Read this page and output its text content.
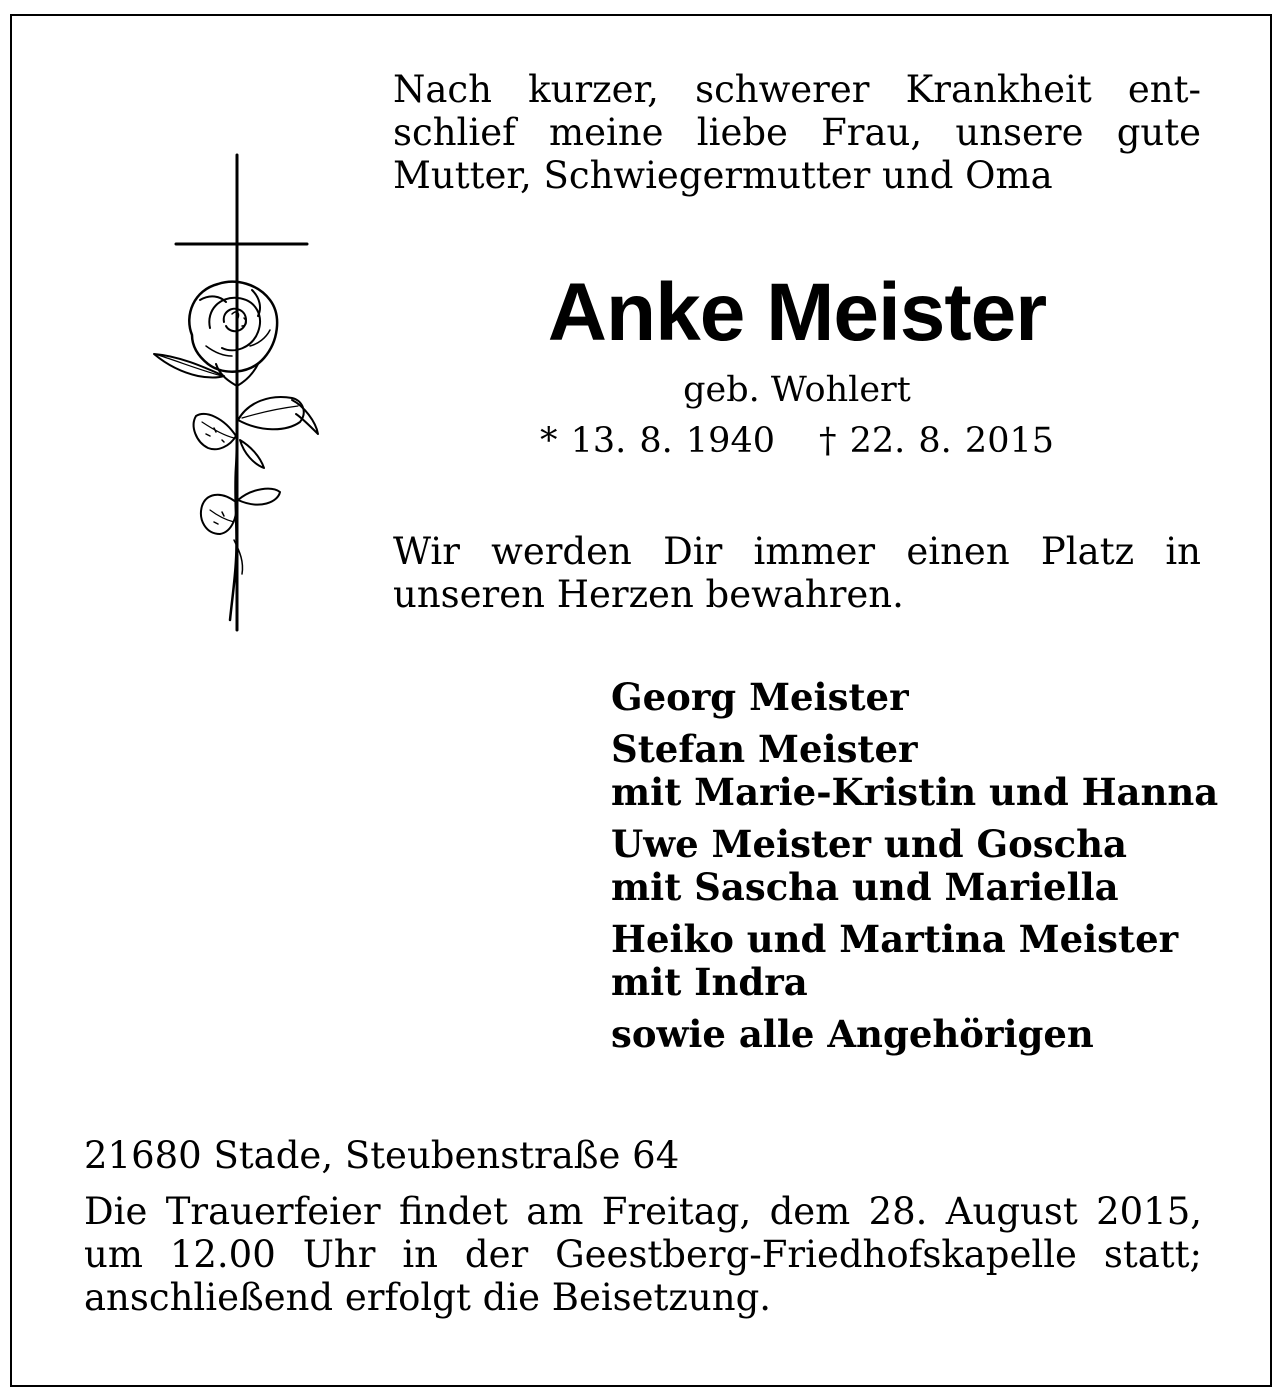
Nach kurzer, schwerer Krankheit ent-
schlief meine liebe Frau, unsere gute
Mutter, Schwiegermutter und Oma
Anke Meister

geb. Wohlert

* 13. 8. 1940 † 22. 8. 2015

Wir werden Dir immer einen Platz in
unseren Herzen bewahren.
Georg Meister
Stefan Meister
mit Marie-Kristin und Hanna
Uwe Meister und Goscha
mit Sascha und Mariella
Heiko und Martina Meister
mit Indra
sowie alle Angehörigen

21680 Stade, Steubenstraße 64

Die Trauerfeier findet am Freitag, dem 28. August 2015,
um 12.00 Uhr in der Geestberg-Friedhofskapelle statt;
anschließend erfolgt die Beisetzung.
